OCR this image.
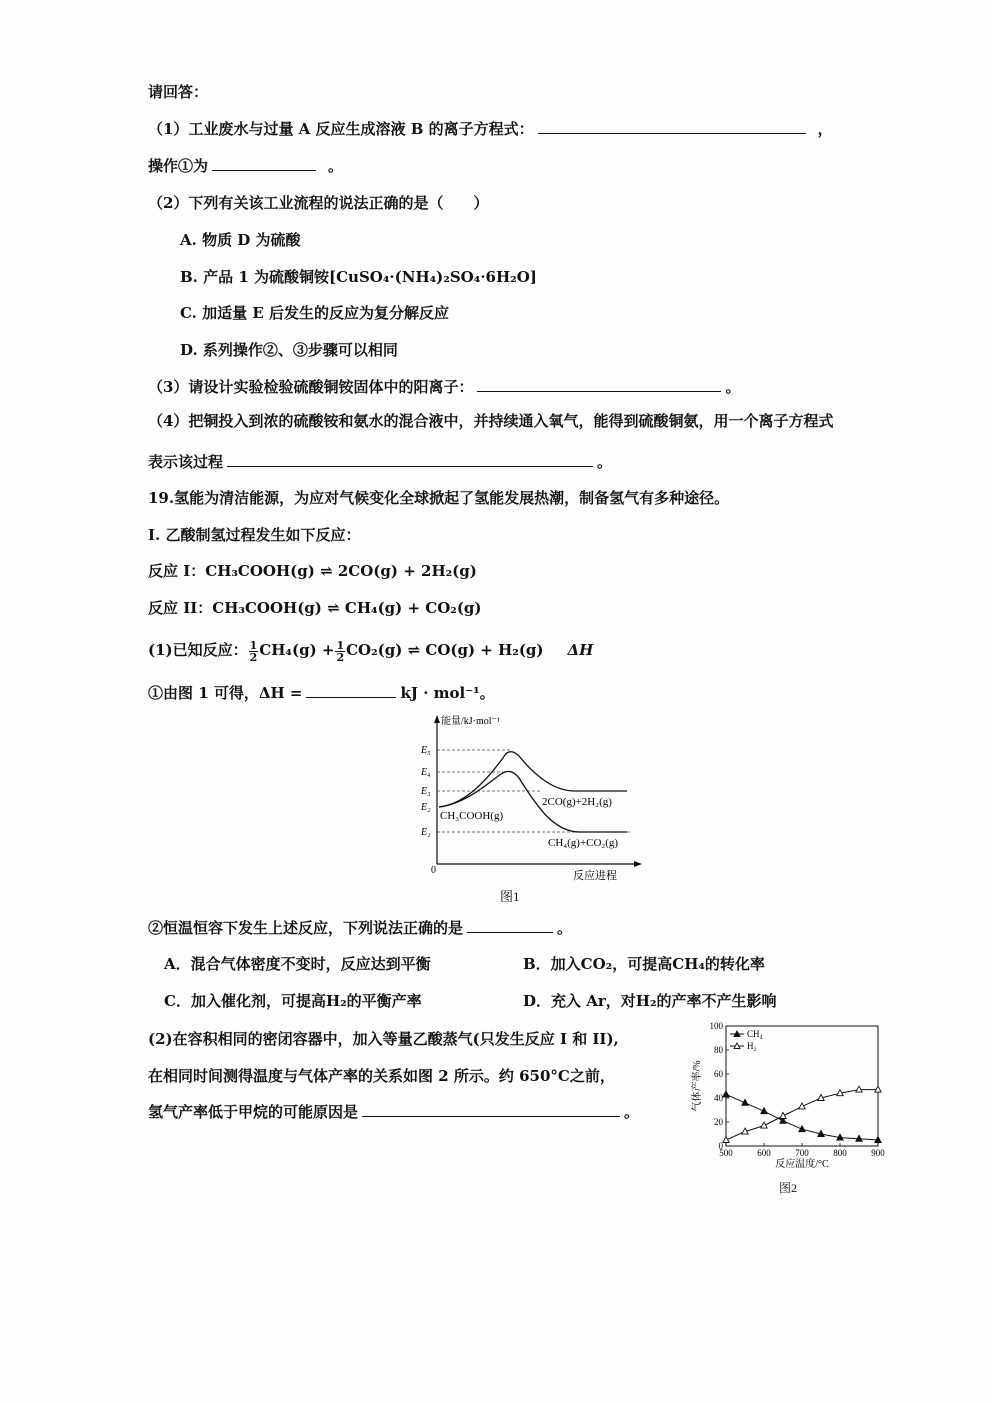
请回答：
（1）工业废水与过量 A 反应生成溶液 B 的离子方程式：	，
操作①为	。
（2）下列有关该工业流程的说法正确的是（　　）
A. 物质 D 为硫酸
B. 产品 1 为硫酸铜铵[CuSO₄·(NH₄)₂SO₄·6H₂O]
C. 加适量 E 后发生的反应为复分解反应
D. 系列操作②、③步骤可以相同
（3）请设计实验检验硫酸铜铵固体中的阳离子：	。
（4）把铜投入到浓的硫酸铵和氨水的混合液中，并持续通入氧气，能得到硫酸铜氨，用一个离子方程式
表示该过程	。
19.氢能为清洁能源，为应对气候变化全球掀起了氢能发展热潮，制备氢气有多种途径。
I. 乙酸制氢过程发生如下反应：
反应 I：CH₃COOH(g) ⇌ 2CO(g) + 2H₂(g)
反应 II：CH₃COOH(g) ⇌ CH₄(g) + CO₂(g)
(1)已知反应： $\frac{1}{2} CH_4(g) + \frac{1}{2} CO_2(g)$ ⇌ CO(g) + H₂(g) ΔH
①由图 1 可得，ΔH =	kJ · mol⁻¹。
能量/kJ·mol⁻¹
反应进程
0
E₅
E₄
E₃
E₂
E₁
2CO(g)+2H₂(g)
CH₃COOH(g)
CH₄(g)+CO₂(g)
图1
②恒温恒容下发生上述反应，下列说法正确的是	。
A．混合气体密度不变时，反应达到平衡	B．加入CO₂，可提高CH₄的转化率
C．加入催化剂，可提高H₂的平衡产率	D．充入 Ar，对H₂的产率不产生影响
(2)在容积相同的密闭容器中，加入等量乙酸蒸气(只发生反应 I 和 II),
在相同时间测得温度与气体产率的关系如图 2 所示。约 650°C之前，
氢气产率低于甲烷的可能原因是	。
0
20
40
60
80
100
500	600	700	800	900
反应温度/°C
气体产率/%
CH₄
H₂
图2
